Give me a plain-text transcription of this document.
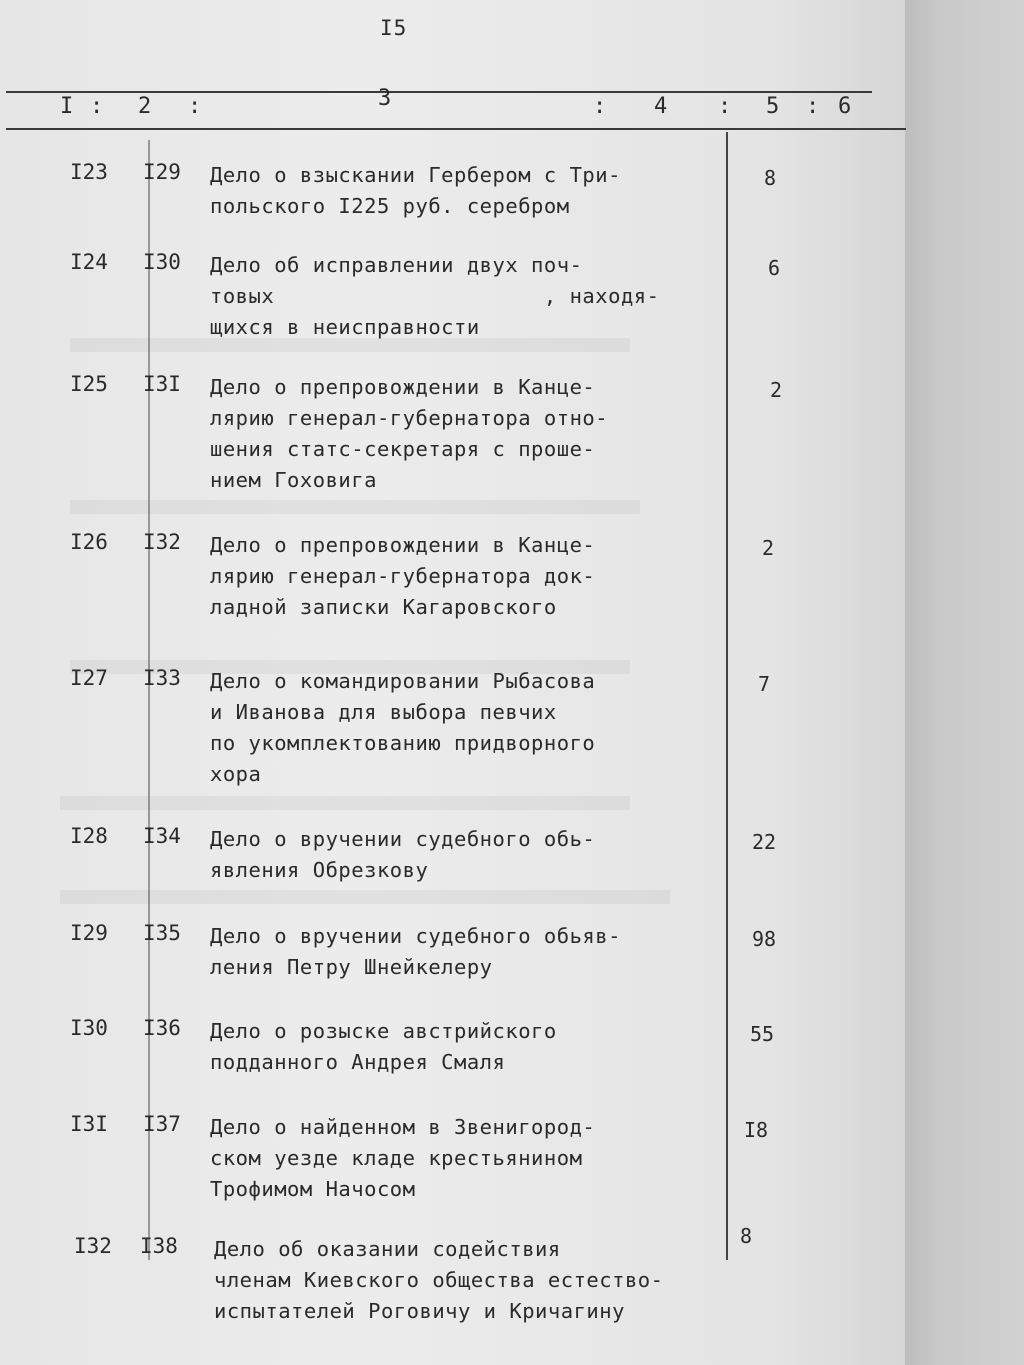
I5
I : 2 :	3	: 4 : 5 : 6
I23 I29 Дело о взыскании Гербером с Три-
польского I225 руб. серебром
8
I24 I30 Дело об исправлении двух поч-
товых                     , находя-
щихся в неисправности
6
I25 I3I Дело о препровождении в Канце-
лярию генерал-губернатора отно-
шения статс-секретаря с проше-
нием Гоховига
2
I26 I32 Дело о препровождении в Канце-
лярию генерал-губернатора док-
ладной записки Кагаровского
2
I27 I33 Дело о командировании Рыбасова
и Иванова для выбора певчих
по укомплектованию придворного
хора
7
I28 I34 Дело о вручении судебного обь-
явления Обрезкову
22
I29 I35 Дело о вручении судебного обьяв-
ления Петру Шнейкелеру
98
I30 I36 Дело о розыске австрийского
подданного Андрея Смаля
55
I3I I37 Дело о найденном в Звенигород-
ском уезде кладе крестьянином
Трофимом Начосом
I8
I32 I38 Дело об оказании содействия
членам Киевского общества естество-
испытателей Роговичу и Кричагину
8
